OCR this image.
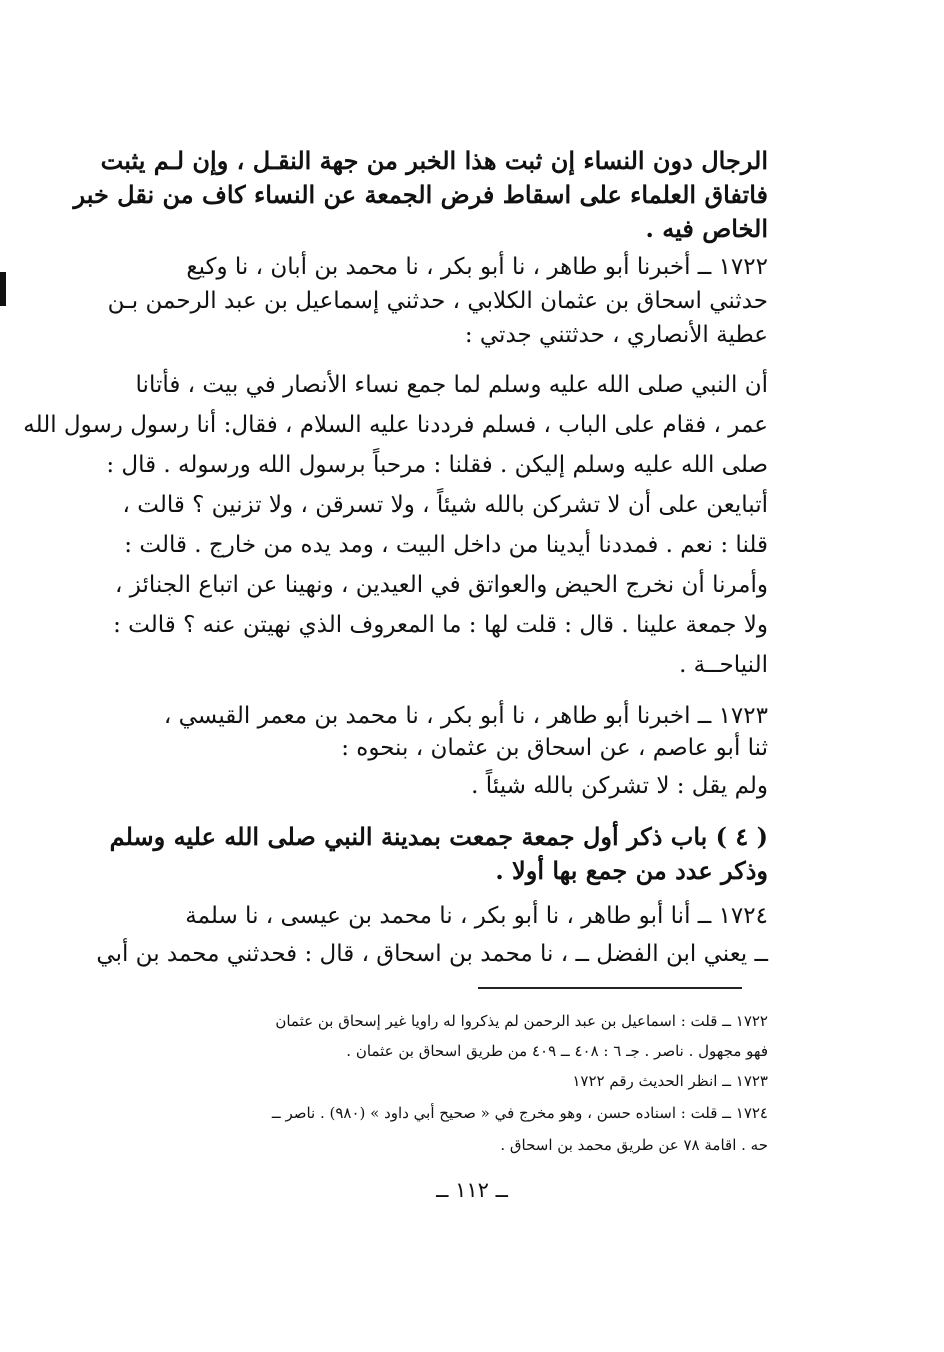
الرجال دون النساء إن ثبت هذا الخبر من جهة النقـل ، وإن لـم يثبت
فاتفاق العلماء على اسقاط فرض الجمعة عن النساء كاف من نقل خبر
الخاص فيه .
١٧٢٢ ــ أخبرنا أبو طاهر ، نا أبو بكر ، نا محمد بن أبان ، نا وكيع
حدثني اسحاق بن عثمان الكلابي ، حدثني إسماعيل بن عبد الرحمن بـن
عطية الأنصاري ، حدثتني جدتي :
أن النبي صلى الله عليه وسلم لما جمع نساء الأنصار في بيت ، فأتانا
عمر ، فقام على الباب ، فسلم فرددنا عليه السلام ، فقال: أنا رسول رسول الله
صلى الله عليه وسلم إليكن . فقلنا : مرحباً برسول الله ورسوله . قال :
أتبايعن على أن لا تشركن بالله شيئاً ، ولا تسرقن ، ولا تزنين ؟ قالت ،
قلنا : نعم . فمددنا أيدينا من داخل البيت ، ومد يده من خارج . قالت :
وأمرنا أن نخرج الحيض والعواتق في العيدين ، ونهينا عن اتباع الجنائز ،
ولا جمعة علينا . قال : قلت لها : ما المعروف الذي نهيتن عنه ؟ قالت :
النياحــة .
١٧٢٣ ــ اخبرنا أبو طاهر ، نا أبو بكر ، نا محمد بن معمر القيسي ،
ثنا أبو عاصم ، عن اسحاق بن عثمان ، بنحوه :
ولم يقل : لا تشركن بالله شيئاً .
( ٤ ) باب ذكر أول جمعة جمعت بمدينة النبي صلى الله عليه وسلم
وذكر عدد من جمع بها أولا .
١٧٢٤ ــ أنا أبو طاهر ، نا أبو بكر ، نا محمد بن عيسى ، نا سلمة
ــ يعني ابن الفضل ــ ، نا محمد بن اسحاق ، قال : فحدثني محمد بن أبي
١٧٢٢ ــ قلت : اسماعيل بن عبد الرحمن لم يذكروا له راويا غير إسحاق بن عثمان
فهو مجهول . ناصر . جـ ٦ : ٤٠٨ ــ ٤٠٩ من طريق اسحاق بن عثمان .
١٧٢٣ ــ انظر الحديث رقم ١٧٢٢
١٧٢٤ ــ قلت : اسناده حسن ، وهو مخرج في « صحيح أبي داود » (٩٨٠) . ناصر ــ
حه . اقامة ٧٨ عن طريق محمد بن اسحاق .
ــ ١١٢ ــ
